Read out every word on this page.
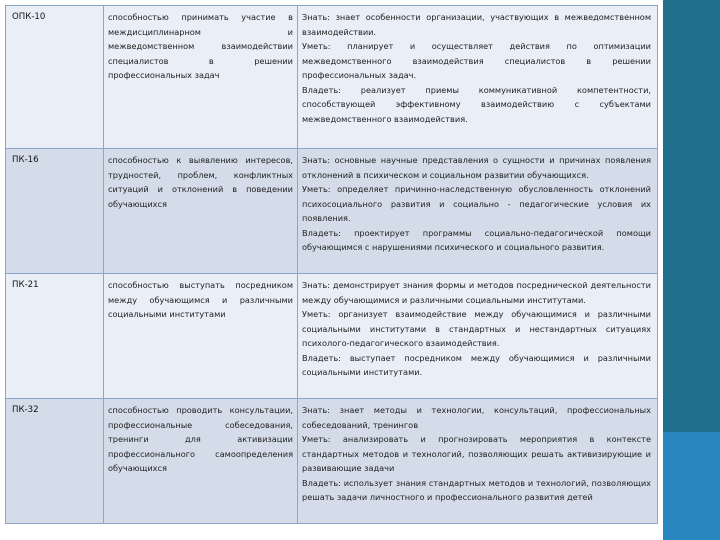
ОПК-10	способностью принимать участие в междисциплинарном и межведомственном взаимодействии специалистов в решении профессиональных задач
Знать: знает особенности организации, участвующих в межведомственном взаимодействии.
Уметь: планирует и осуществляет действия по оптимизации межведомственного взаимодействия специалистов в решении профессиональных задач.
Владеть: реализует приемы коммуникативной компетентности, способствующей эффективному взаимодействию с субъектами межведомственного взаимодействия.
ПК-16	способностью к выявлению интересов, трудностей, проблем, конфликтных ситуаций и отклонений в поведении обучающихся
Знать: основные научные представления о сущности и причинах появления отклонений в психическом и социальном развитии обучающихся.
Уметь: определяет причинно-наследственную обусловленность отклонений психосоциального развития и социально - педагогические условия их появления.
Владеть: проектирует программы социально-педагогической помощи обучающимся с нарушениями психического и социального развития.
ПК-21	способностью выступать посредником между обучающимся и различными социальными институтами
Знать: демонстрирует знания формы и методов посреднической деятельности между обучающимися и различными социальными институтами.
Уметь: организует взаимодействие между обучающимися и различными социальными институтами в стандартных и нестандартных ситуациях психолого-педагогического взаимодействия.
Владеть: выступает посредником между обучающимися и различными социальными институтами.
ПК-32	способностью проводить консультации, профессиональные собеседования, тренинги для активизации профессионального самоопределения обучающихся
Знать: знает методы и технологии, консультаций, профессиональных собеседований, тренингов
Уметь: анализировать и прогнозировать мероприятия в контексте стандартных методов и технологий, позволяющих решать активизирующие и развивающие задачи
Владеть: использует знания стандартных методов и технологий, позволяющих решать задачи личностного и профессионального развития детей
